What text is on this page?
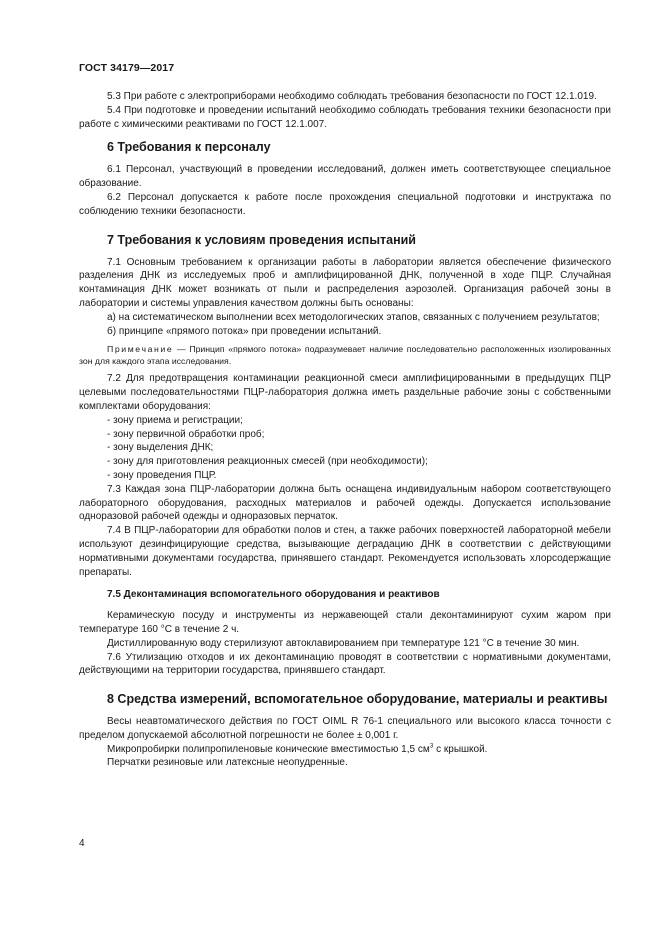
ГОСТ 34179—2017

5.3 При работе с электроприборами необходимо соблюдать требования безопасности по ГОСТ 12.1.019.

5.4 При подготовке и проведении испытаний необходимо соблюдать требования техники безопасности при работе с химическими реактивами по ГОСТ 12.1.007.

6 Требования к персоналу

6.1 Персонал, участвующий в проведении исследований, должен иметь соответствующее специальное образование.

6.2 Персонал допускается к работе после прохождения специальной подготовки и инструктажа по соблюдению техники безопасности.

7 Требования к условиям проведения испытаний

7.1 Основным требованием к организации работы в лаборатории является обеспечение физического разделения ДНК из исследуемых проб и амплифицированной ДНК, полученной в ходе ПЦР. Случайная контаминация ДНК может возникать от пыли и распределения аэрозолей. Организация рабочей зоны в лаборатории и системы управления качеством должны быть основаны:

а) на систематическом выполнении всех методологических этапов, связанных с получением результатов;

б) принципе «прямого потока» при проведении испытаний.

Примечание — Принцип «прямого потока» подразумевает наличие последовательно расположенных изолированных зон для каждого этапа исследования.

7.2 Для предотвращения контаминации реакционной смеси амплифицированными в предыдущих ПЦР целевыми последовательностями ПЦР-лаборатория должна иметь раздельные рабочие зоны с собственными комплектами оборудования:

- зону приема и регистрации;
- зону первичной обработки проб;
- зону выделения ДНК;
- зону для приготовления реакционных смесей (при необходимости);
- зону проведения ПЦР.

7.3 Каждая зона ПЦР-лаборатории должна быть оснащена индивидуальным набором соответствующего лабораторного оборудования, расходных материалов и рабочей одежды. Допускается использование одноразовой рабочей одежды и одноразовых перчаток.

7.4 В ПЦР-лаборатории для обработки полов и стен, а также рабочих поверхностей лабораторной мебели используют дезинфицирующие средства, вызывающие деградацию ДНК в соответствии с действующими нормативными документами государства, принявшего стандарт. Рекомендуется использовать хлорсодержащие препараты.

7.5 Деконтаминация вспомогательного оборудования и реактивов

Керамическую посуду и инструменты из нержавеющей стали деконтаминируют сухим жаром при температуре 160 °С в течение 2 ч.

Дистиллированную воду стерилизуют автоклавированием при температуре 121 °С в течение 30 мин.

7.6 Утилизацию отходов и их деконтаминацию проводят в соответствии с нормативными документами, действующими на территории государства, принявшего стандарт.

8 Средства измерений, вспомогательное оборудование, материалы и реактивы

Весы неавтоматического действия по ГОСТ OIML R 76-1 специального или высокого класса точности с пределом допускаемой абсолютной погрешности не более ± 0,001 г.

Микропробирки полипропиленовые конические вместимостью 1,5 $см^3$ с крышкой.

Перчатки резиновые или латексные неопудренные.

4
